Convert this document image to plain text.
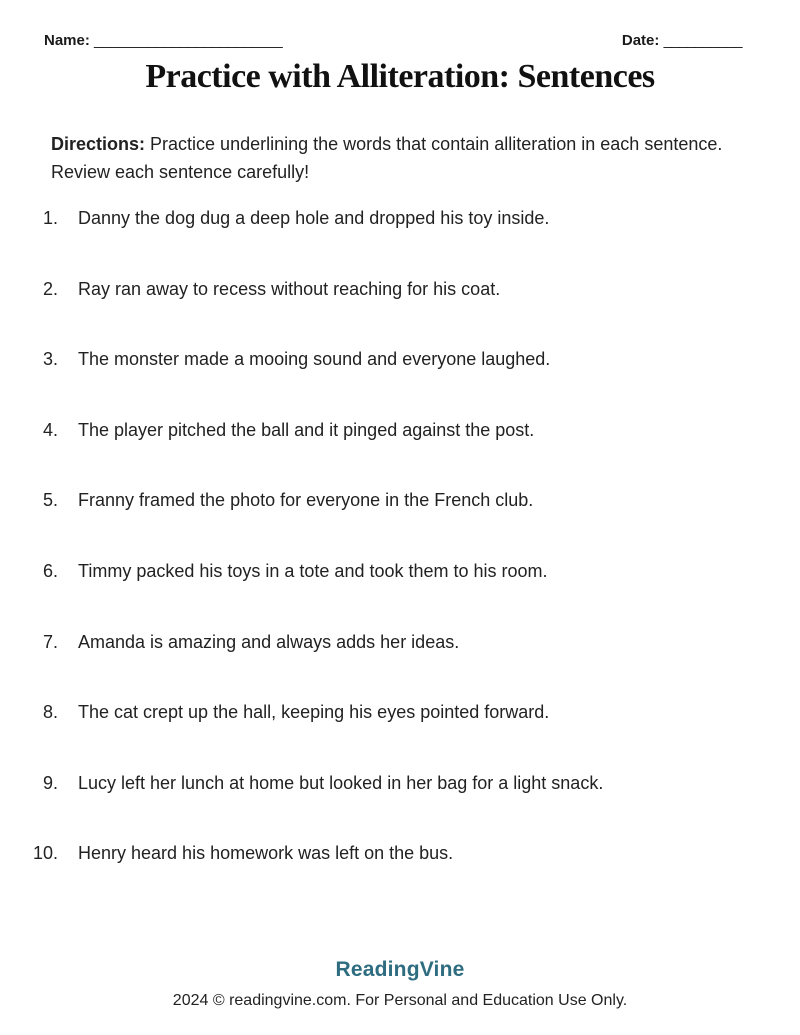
Name: ________________________	Date: __________
Practice with Alliteration: Sentences
Directions: Practice underlining the words that contain alliteration in each sentence. Review each sentence carefully!
1.	Danny the dog dug a deep hole and dropped his toy inside.
2.	Ray ran away to recess without reaching for his coat.
3.	The monster made a mooing sound and everyone laughed.
4.	The player pitched the ball and it pinged against the post.
5.	Franny framed the photo for everyone in the French club.
6.	Timmy packed his toys in a tote and took them to his room.
7.	Amanda is amazing and always adds her ideas.
8.	The cat crept up the hall, keeping his eyes pointed forward.
9.	Lucy left her lunch at home but looked in her bag for a light snack.
10.	Henry heard his homework was left on the bus.
ReadingVine
2024 © readingvine.com. For Personal and Education Use Only.
